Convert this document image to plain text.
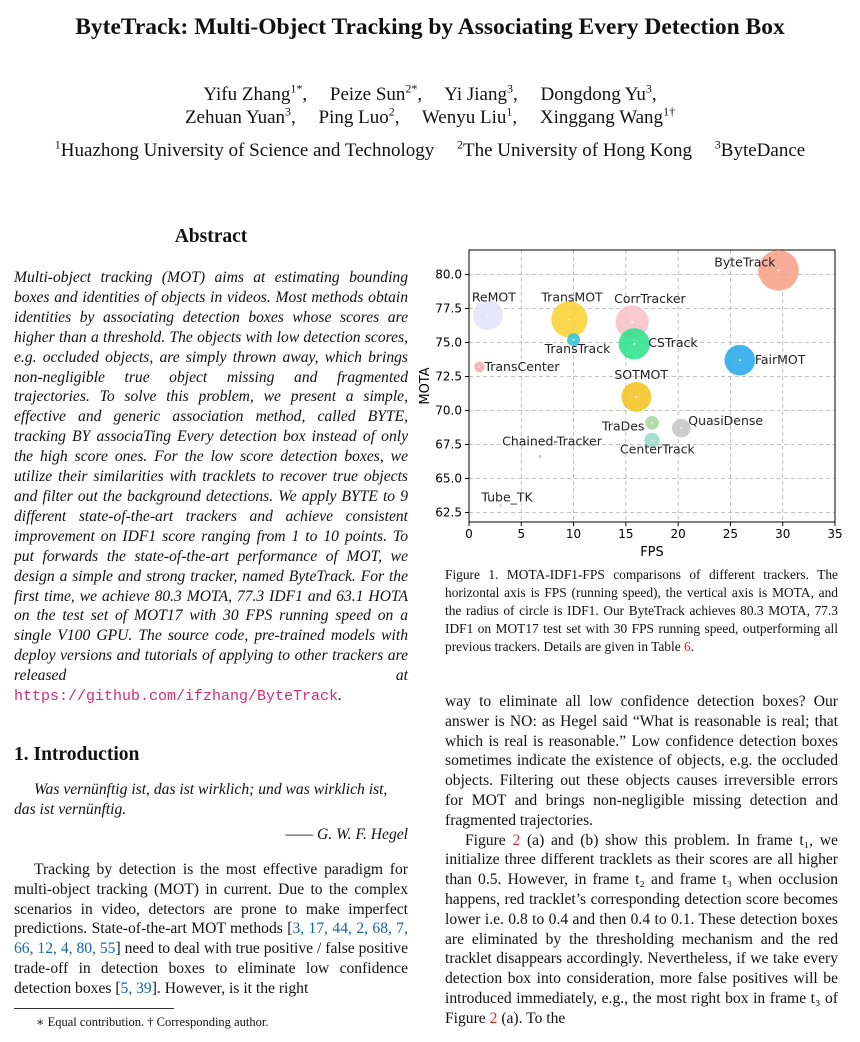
ByteTrack: Multi-Object Tracking by Associating Every Detection Box
Yifu Zhang$^{1*}$, Peize Sun$^{2*}$, Yi Jiang$^3$, Dongdong Yu$^3$,
Zehuan Yuan$^3$, Ping Luo$^2$, Wenyu Liu$^1$, Xinggang Wang$^{1\dagger}$
$^1$Huazhong University of Science and Technology $^2$The University of Hong Kong $^3$ByteDance
Abstract
Multi-object tracking (MOT) aims at estimating bounding boxes and identities of objects in videos. Most methods obtain identities by associating detection boxes whose scores are higher than a threshold. The objects with low detection scores, e.g. occluded objects, are simply thrown away, which brings non-negligible true object missing and fragmented trajectories. To solve this problem, we present a simple, effective and generic association method, called BYTE, tracking BY associaTing Every detection box instead of only the high score ones. For the low score detection boxes, we utilize their similarities with tracklets to recover true objects and filter out the background detections. We apply BYTE to 9 different state-of-the-art trackers and achieve consistent improvement on IDF1 score ranging from 1 to 10 points. To put forwards the state-of-the-art performance of MOT, we design a simple and strong tracker, named ByteTrack. For the first time, we achieve 80.3 MOTA, 77.3 IDF1 and 63.1 HOTA on the test set of MOT17 with 30 FPS running speed on a single V100 GPU. The source code, pre-trained models with deploy versions and tutorials of applying to other trackers are released at https://github.com/ifzhang/ByteTrack.
1. Introduction
Was vernünftig ist, das ist wirklich; und was wirklich ist, das ist vernünftig.
—— G. W. F. Hegel
Tracking by detection is the most effective paradigm for multi-object tracking (MOT) in current. Due to the complex scenarios in video, detectors are prone to make imperfect predictions. State-of-the-art MOT methods [3, 17, 44, 2, 68, 7, 66, 12, 4, 80, 55] need to deal with true positive / false positive trade-off in detection boxes to eliminate low confidence detection boxes [5, 39]. However, is it the right
∗ Equal contribution. † Corresponding author.
0	5	10	15	20	25	30	35
62.5
65.0
67.5
70.0
72.5
75.0
77.5
80.0
FPS
MOTA
ByteTrack
ReMOT TransMOT CorrTracker
TransTrack	CSTrack
FairMOT
TransCenter
SOTMOT
TraDes	QuasiDense
CenterTrack
Chained-Tracker
Tube_TK
Figure 1. MOTA-IDF1-FPS comparisons of different trackers. The horizontal axis is FPS (running speed), the vertical axis is MOTA, and the radius of circle is IDF1. Our ByteTrack achieves 80.3 MOTA, 77.3 IDF1 on MOT17 test set with 30 FPS running speed, outperforming all previous trackers. Details are given in Table 6.

way to eliminate all low confidence detection boxes? Our answer is NO: as Hegel said “What is reasonable is real; that which is real is reasonable.” Low confidence detection boxes sometimes indicate the existence of objects, e.g. the occluded objects. Filtering out these objects causes irreversible errors for MOT and brings non-negligible missing detection and fragmented trajectories.

Figure 2 (a) and (b) show this problem. In frame t₁, we initialize three different tracklets as their scores are all higher than 0.5. However, in frame t₂ and frame t₃ when occlusion happens, red tracklet’s corresponding detection score becomes lower i.e. 0.8 to 0.4 and then 0.4 to 0.1. These detection boxes are eliminated by the thresholding mechanism and the red tracklet disappears accordingly. Nevertheless, if we take every detection box into consideration, more false positives will be introduced immediately, e.g., the most right box in frame t₃ of Figure 2 (a). To the
